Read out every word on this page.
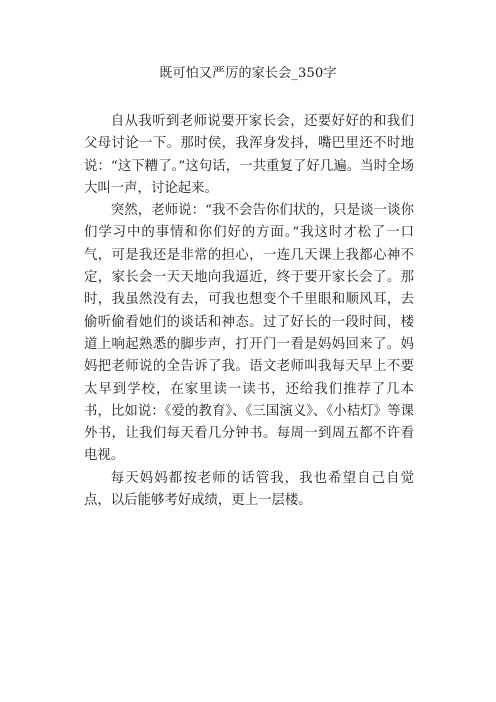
既可怕又严厉的家长会_350字

自从我听到老师说要开家长会，还要好好的和我们父母讨论一下。那时侯，我浑身发抖，嘴巴里还不时地说：“这下糟了。”这句话，一共重复了好几遍。当时全场大叫一声，讨论起来。

突然，老师说：“我不会告你们状的，只是谈一谈你们学习中的事情和你们好的方面。”我这时才松了一口气，可是我还是非常的担心，一连几天课上我都心神不定，家长会一天天地向我逼近，终于要开家长会了。那时，我虽然没有去，可我也想变个千里眼和顺风耳，去偷听偷看她们的谈话和神态。过了好长的一段时间，楼道上响起熟悉的脚步声，打开门一看是妈妈回来了。妈妈把老师说的全告诉了我。语文老师叫我每天早上不要太早到学校，在家里读一读书，还给我们推荐了几本书，比如说：《爱的教育》、《三国演义》、《小桔灯》等课外书，让我们每天看几分钟书。每周一到周五都不许看电视。

每天妈妈都按老师的话管我，我也希望自己自觉点，以后能够考好成绩，更上一层楼。
